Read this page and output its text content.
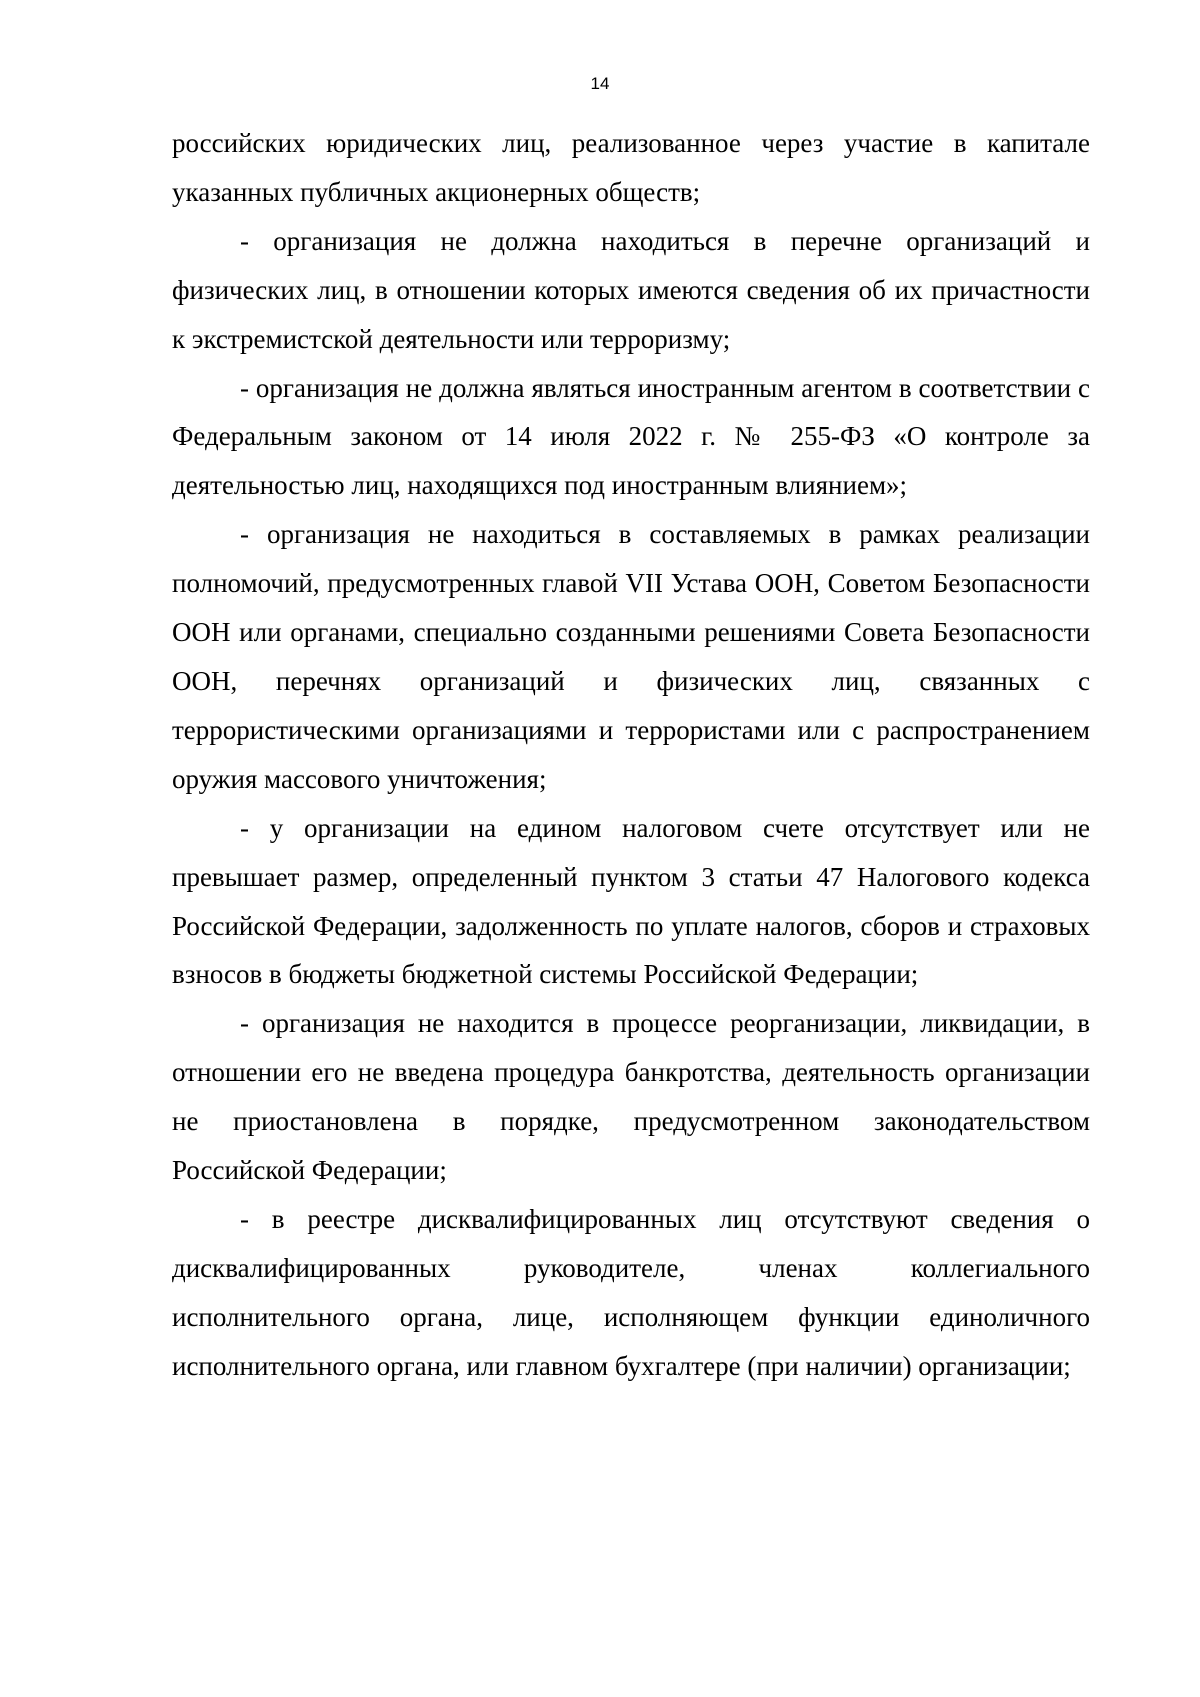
14

российских юридических лиц, реализованное через участие в капитале указанных публичных акционерных обществ;

- организация не должна находиться в перечне организаций и физических лиц, в отношении которых имеются сведения об их причастности к экстремистской деятельности или терроризму;

- организация не должна являться иностранным агентом в соответствии с Федеральным законом от 14 июля 2022 г. № 255-ФЗ «О контроле за деятельностью лиц, находящихся под иностранным влиянием»;

- организация не находиться в составляемых в рамках реализации полномочий, предусмотренных главой VII Устава ООН, Советом Безопасности ООН или органами, специально созданными решениями Совета Безопасности ООН, перечнях организаций и физических лиц, связанных с террористическими организациями и террористами или с распространением оружия массового уничтожения;

- у организации на едином налоговом счете отсутствует или не превышает размер, определенный пунктом 3 статьи 47 Налогового кодекса Российской Федерации, задолженность по уплате налогов, сборов и страховых взносов в бюджеты бюджетной системы Российской Федерации;

- организация не находится в процессе реорганизации, ликвидации, в отношении его не введена процедура банкротства, деятельность организации не приостановлена в порядке, предусмотренном законодательством Российской Федерации;

- в реестре дисквалифицированных лиц отсутствуют сведения о дисквалифицированных руководителе, членах коллегиального исполнительного органа, лице, исполняющем функции единоличного исполнительного органа, или главном бухгалтере (при наличии) организации;
